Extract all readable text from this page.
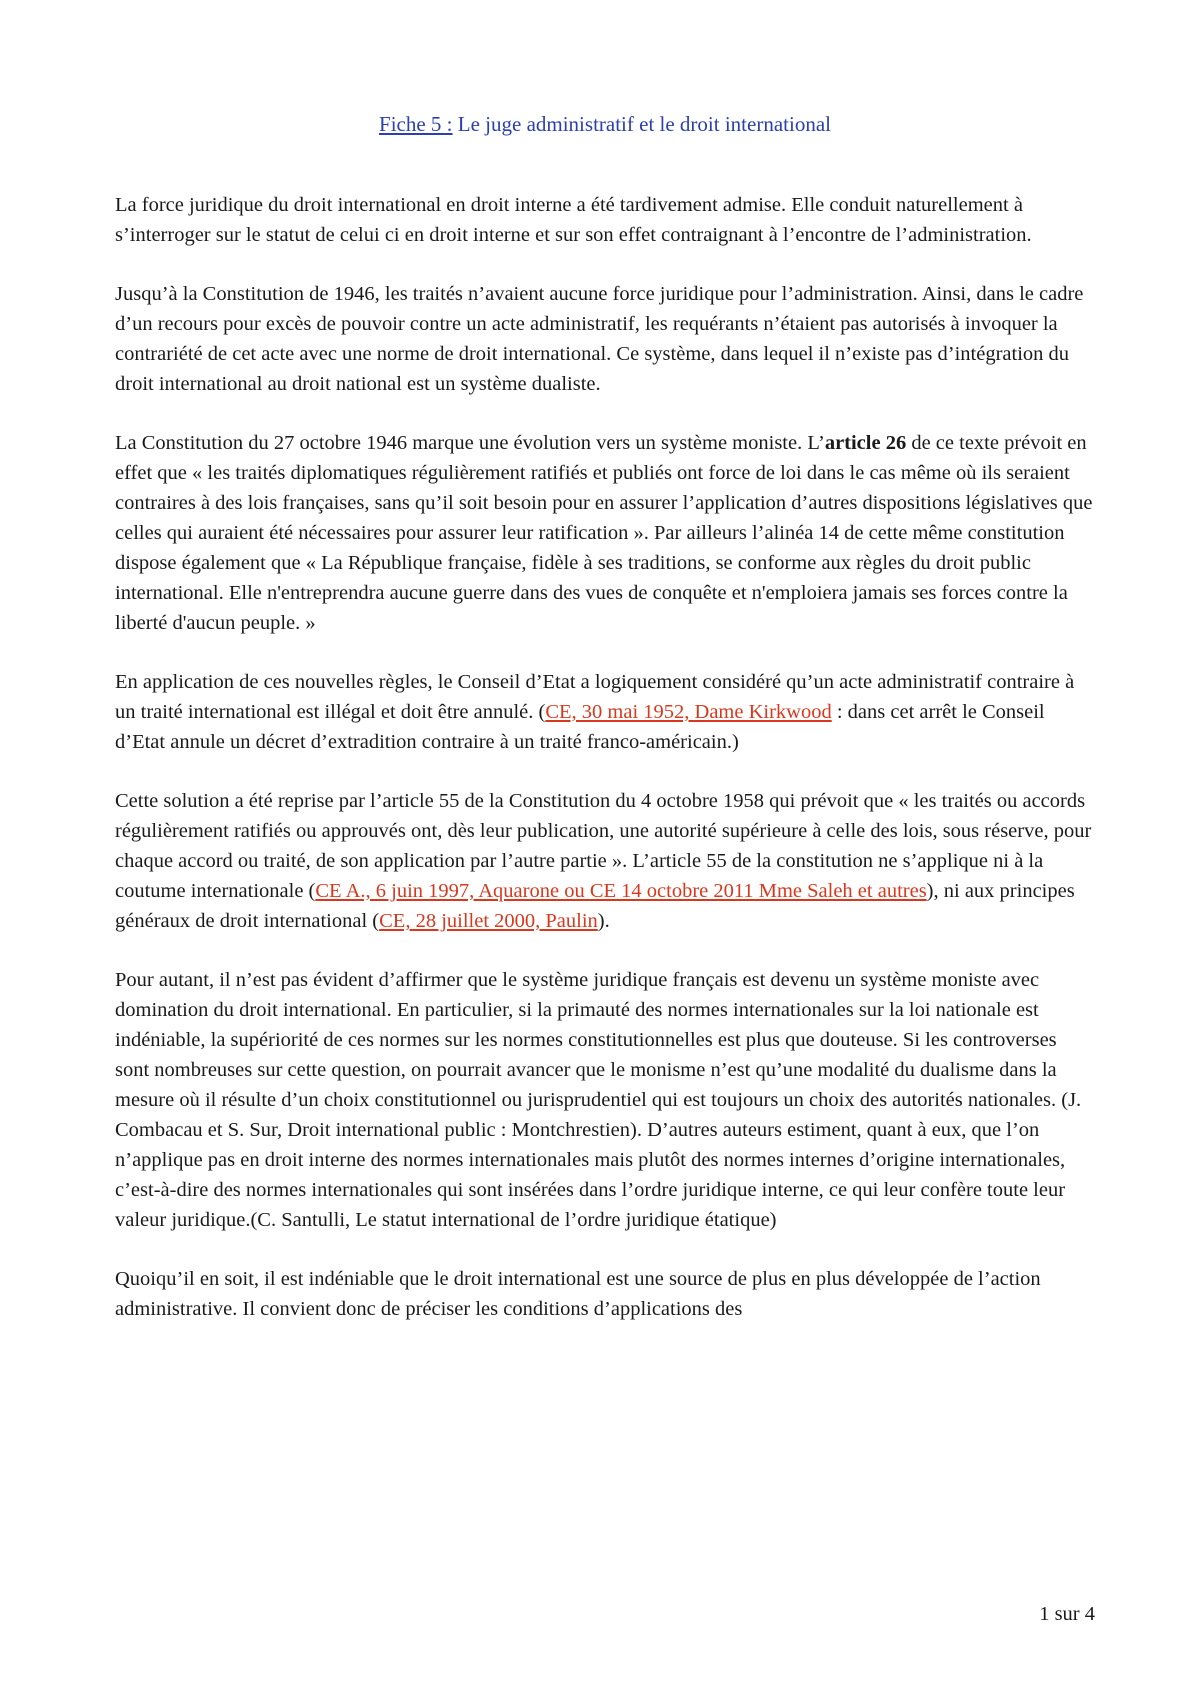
Fiche 5 : Le juge administratif et le droit international

La force juridique du droit international en droit interne a été tardivement admise. Elle conduit naturellement à s’interroger sur le statut de celui ci en droit interne et sur son effet contraignant à l’encontre de l’administration.

Jusqu’à la Constitution de 1946, les traités n’avaient aucune force juridique pour l’administration. Ainsi, dans le cadre d’un recours pour excès de pouvoir contre un acte administratif, les requérants n’étaient pas autorisés à invoquer la contrariété de cet acte avec une norme de droit international. Ce système, dans lequel il n’existe pas d’intégration du droit international au droit national est un système dualiste.

La Constitution du 27 octobre 1946 marque une évolution vers un système moniste. L’article 26 de ce texte prévoit en effet que « les traités diplomatiques régulièrement ratifiés et publiés ont force de loi dans le cas même où ils seraient contraires à des lois françaises, sans qu’il soit besoin pour en assurer l’application d’autres dispositions législatives que celles qui auraient été nécessaires pour assurer leur ratification ». Par ailleurs l’alinéa 14 de cette même constitution dispose également que « La République française, fidèle à ses traditions, se conforme aux règles du droit public international. Elle n'entreprendra aucune guerre dans des vues de conquête et n'emploiera jamais ses forces contre la liberté d'aucun peuple. »

En application de ces nouvelles règles, le Conseil d’Etat a logiquement considéré qu’un acte administratif contraire à un traité international est illégal et doit être annulé. (CE, 30 mai 1952, Dame Kirkwood : dans cet arrêt le Conseil d’Etat annule un décret d’extradition contraire à un traité franco-américain.)

Cette solution a été reprise par l’article 55 de la Constitution du 4 octobre 1958 qui prévoit que « les traités ou accords régulièrement ratifiés ou approuvés ont, dès leur publication, une autorité supérieure à celle des lois, sous réserve, pour chaque accord ou traité, de son application par l’autre partie ». L’article 55 de la constitution ne s’applique ni à la coutume internationale (CE A., 6 juin 1997, Aquarone ou CE 14 octobre 2011 Mme Saleh et autres), ni aux principes généraux de droit international (CE, 28 juillet 2000, Paulin).

Pour autant, il n’est pas évident d’affirmer que le système juridique français est devenu un système moniste avec domination du droit international. En particulier, si la primauté des normes internationales sur la loi nationale est indéniable, la supériorité de ces normes sur les normes constitutionnelles est plus que douteuse. Si les controverses sont nombreuses sur cette question, on pourrait avancer que le monisme n’est qu’une modalité du dualisme dans la mesure où il résulte d’un choix constitutionnel ou jurisprudentiel qui est toujours un choix des autorités nationales. (J. Combacau et S. Sur, Droit international public : Montchrestien). D’autres auteurs estiment, quant à eux, que l’on n’applique pas en droit interne des normes internationales mais plutôt des normes internes d’origine internationales, c’est-à-dire des normes internationales qui sont insérées dans l’ordre juridique interne, ce qui leur confère toute leur valeur juridique.(C. Santulli, Le statut international de l’ordre juridique étatique)

Quoiqu’il en soit, il est indéniable que le droit international est une source de plus en plus développée de l’action administrative. Il convient donc de préciser les conditions d’applications des

1 sur 4
